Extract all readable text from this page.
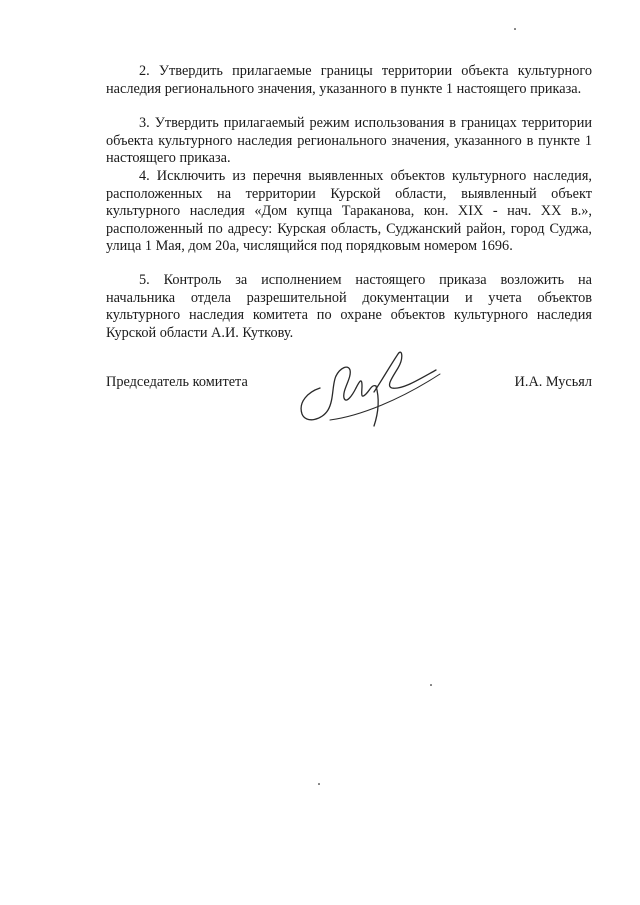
2. Утвердить прилагаемые границы территории объекта культурного наследия регионального значения, указанного в пункте 1 настоящего приказа.

3. Утвердить прилагаемый режим использования в границах территории объекта культурного наследия регионального значения, указанного в пункте 1 настоящего приказа.

4. Исключить из перечня выявленных объектов культурного наследия, расположенных на территории Курской области, выявленный объект культурного наследия «Дом купца Тараканова, кон. XIX - нач. XX в.», расположенный по адресу: Курская область, Суджанский район, город Суджа, улица 1 Мая, дом 20а, числящийся под порядковым номером 1696.

5. Контроль за исполнением настоящего приказа возложить на начальника отдела разрешительной документации и учета объектов культурного наследия комитета по охране объектов культурного наследия Курской области А.И. Куткову.

Председатель комитета	И.А. Мусьял
